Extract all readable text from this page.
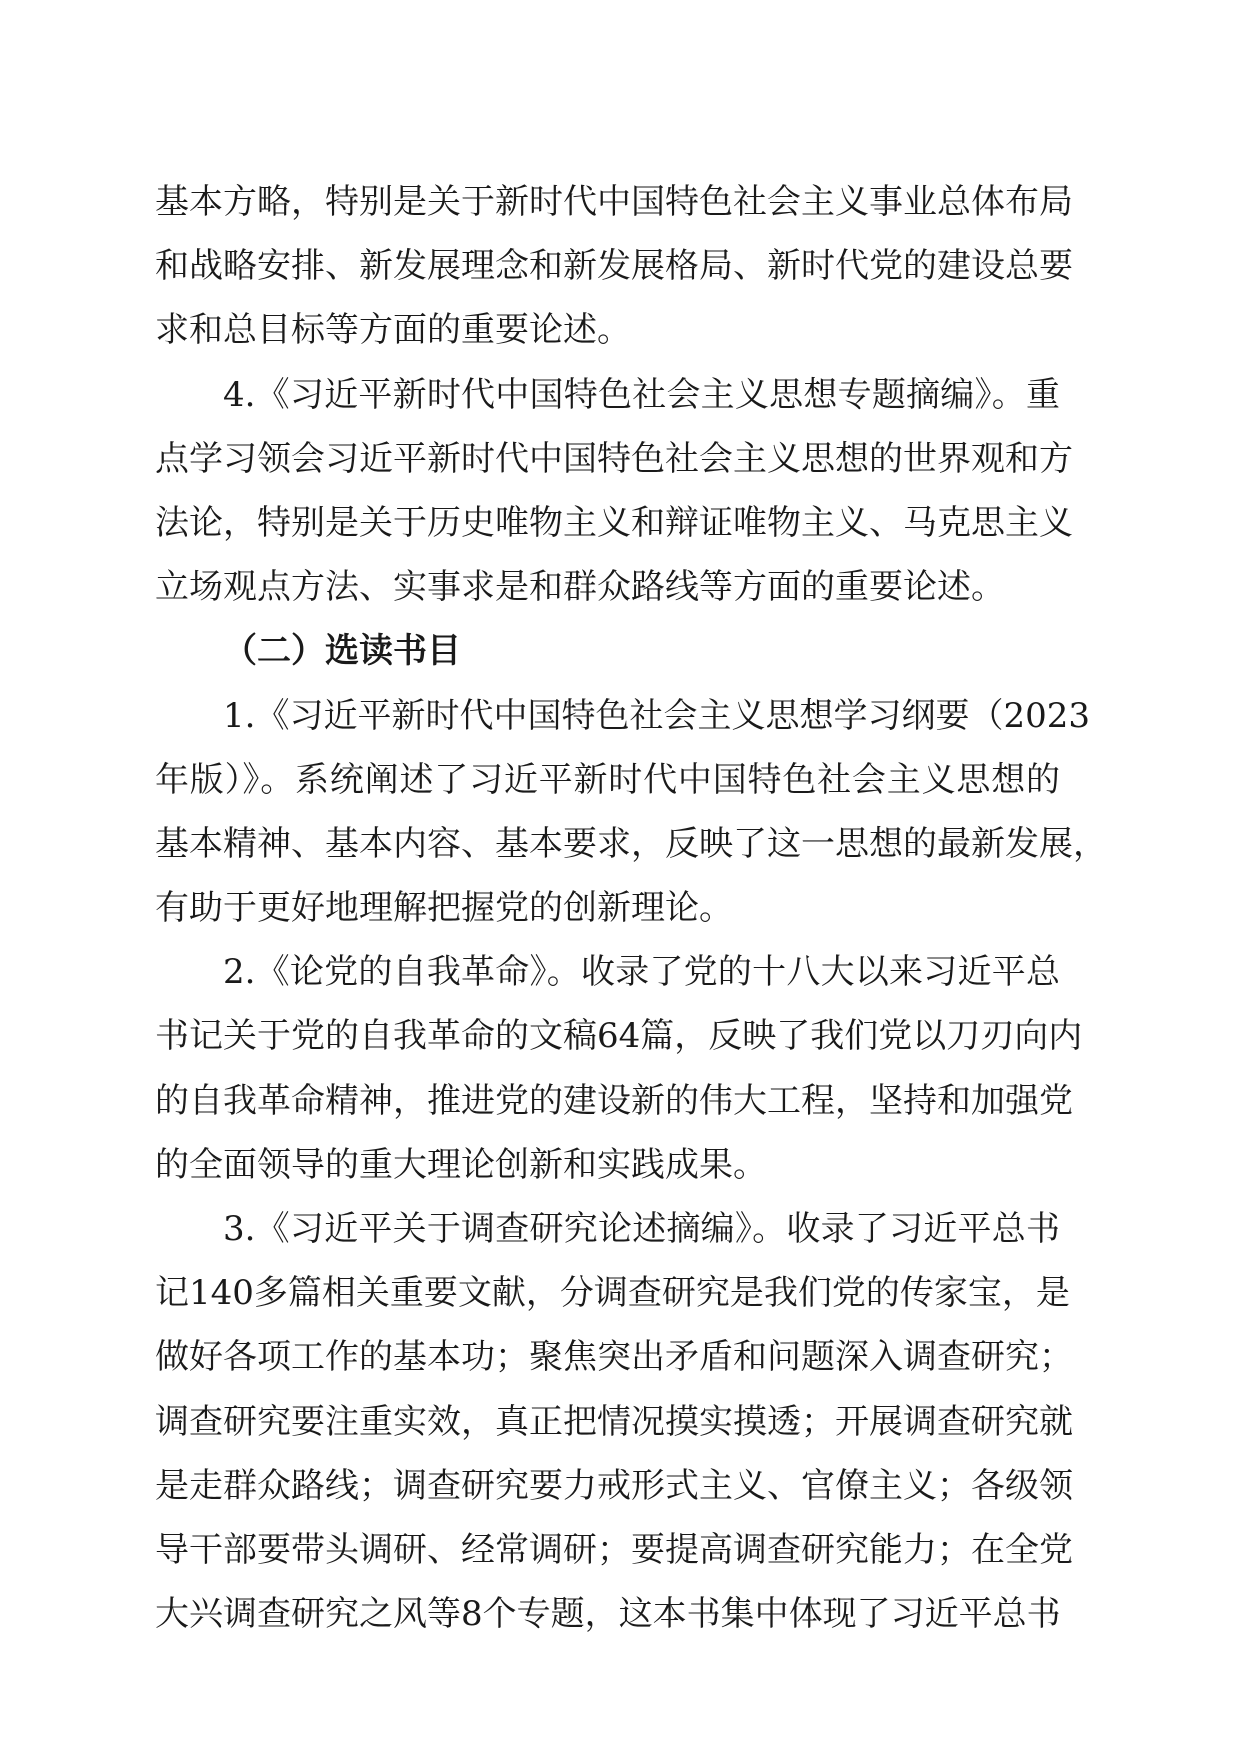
基本方略，特别是关于新时代中国特色社会主义事业总体布局
和战略安排、新发展理念和新发展格局、新时代党的建设总要
求和总目标等方面的重要论述。
4.《习近平新时代中国特色社会主义思想专题摘编》。重
点学习领会习近平新时代中国特色社会主义思想的世界观和方
法论，特别是关于历史唯物主义和辩证唯物主义、马克思主义
立场观点方法、实事求是和群众路线等方面的重要论述。
（二）选读书目
1.《习近平新时代中国特色社会主义思想学习纲要（2023
年版）》。系统阐述了习近平新时代中国特色社会主义思想的
基本精神、基本内容、基本要求，反映了这一思想的最新发展，
有助于更好地理解把握党的创新理论。
2.《论党的自我革命》。收录了党的十八大以来习近平总
书记关于党的自我革命的文稿64篇，反映了我们党以刀刃向内
的自我革命精神，推进党的建设新的伟大工程，坚持和加强党
的全面领导的重大理论创新和实践成果。
3.《习近平关于调查研究论述摘编》。收录了习近平总书
记140多篇相关重要文献，分调查研究是我们党的传家宝，是
做好各项工作的基本功；聚焦突出矛盾和问题深入调查研究；
调查研究要注重实效，真正把情况摸实摸透；开展调查研究就
是走群众路线；调查研究要力戒形式主义、官僚主义；各级领
导干部要带头调研、经常调研；要提高调查研究能力；在全党
大兴调查研究之风等8个专题，这本书集中体现了习近平总书
